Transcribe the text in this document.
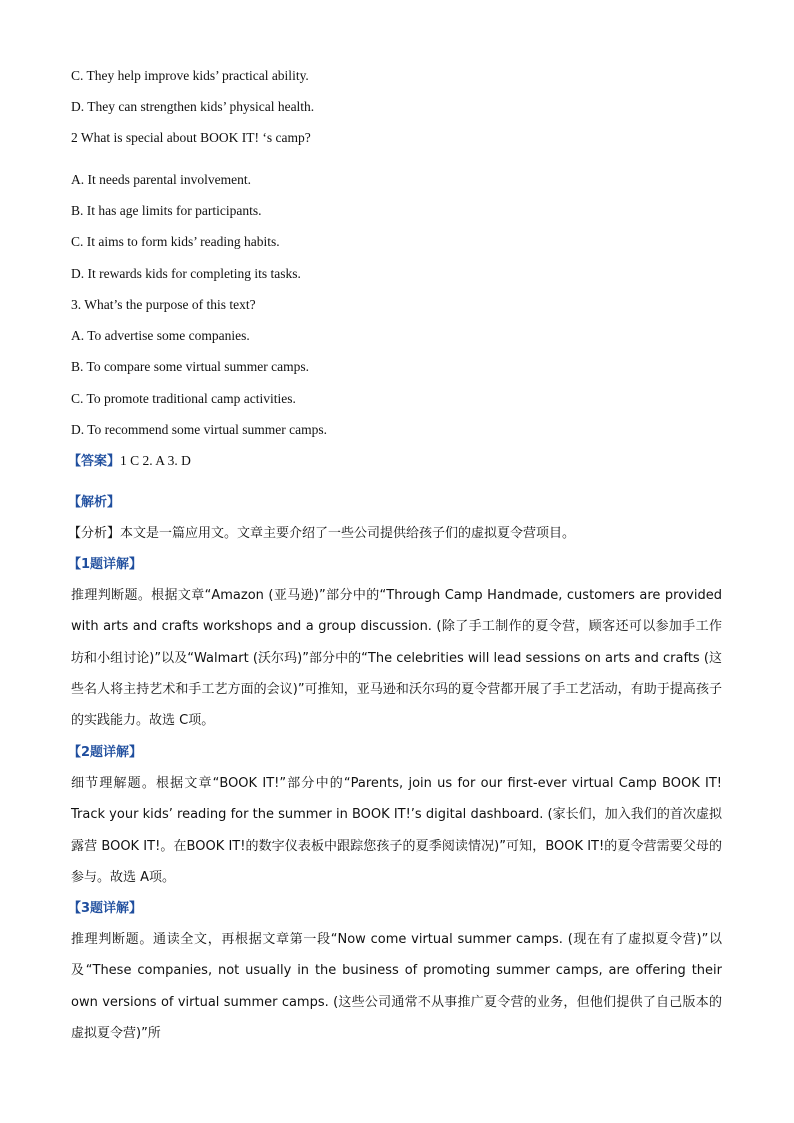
C. They help improve kids’ practical ability.
D. They can strengthen kids’ physical health.
2 What is special about BOOK IT! ‘s camp?
A. It needs parental involvement.
B. It has age limits for participants.
C. It aims to form kids’ reading habits.
D. It rewards kids for completing its tasks.
3. What’s the purpose of this text?
A. To advertise some companies.
B. To compare some virtual summer camps.
C. To promote traditional camp activities.
D. To recommend some virtual summer camps.
【答案】1 C 2. A 3. D
【解析】
【分析】本文是一篇应用文。文章主要介绍了一些公司提供给孩子们的虚拟夏令营项目。
【1题详解】
推理判断题。根据文章“Amazon (亚马逊)”部分中的“Through Camp Handmade, customers are provided with arts and crafts workshops and a group discussion. (除了手工制作的夏令营，顾客还可以参加手工作坊和小组讨论)”以及“Walmart (沃尔玛)”部分中的“The celebrities will lead sessions on arts and crafts (这些名人将主持艺术和手工艺方面的会议)”可推知，亚马逊和沃尔玛的夏令营都开展了手工艺活动，有助于提高孩子的实践能力。故选 C项。
【2题详解】
细节理解题。根据文章“BOOK IT!”部分中的“Parents, join us for our first-ever virtual Camp BOOK IT! Track your kids’ reading for the summer in BOOK IT!’s digital dashboard. (家长们，加入我们的首次虚拟露营 BOOK IT!。在BOOK IT!的数字仪表板中跟踪您孩子的夏季阅读情况)”可知，BOOK IT!的夏令营需要父母的参与。故选 A项。
【3题详解】
推理判断题。通读全文，再根据文章第一段“Now come virtual summer camps. (现在有了虚拟夏令营)”以及“These companies, not usually in the business of promoting summer camps, are offering their own versions of virtual summer camps. (这些公司通常不从事推广夏令营的业务，但他们提供了自己版本的虚拟夏令营)”所
